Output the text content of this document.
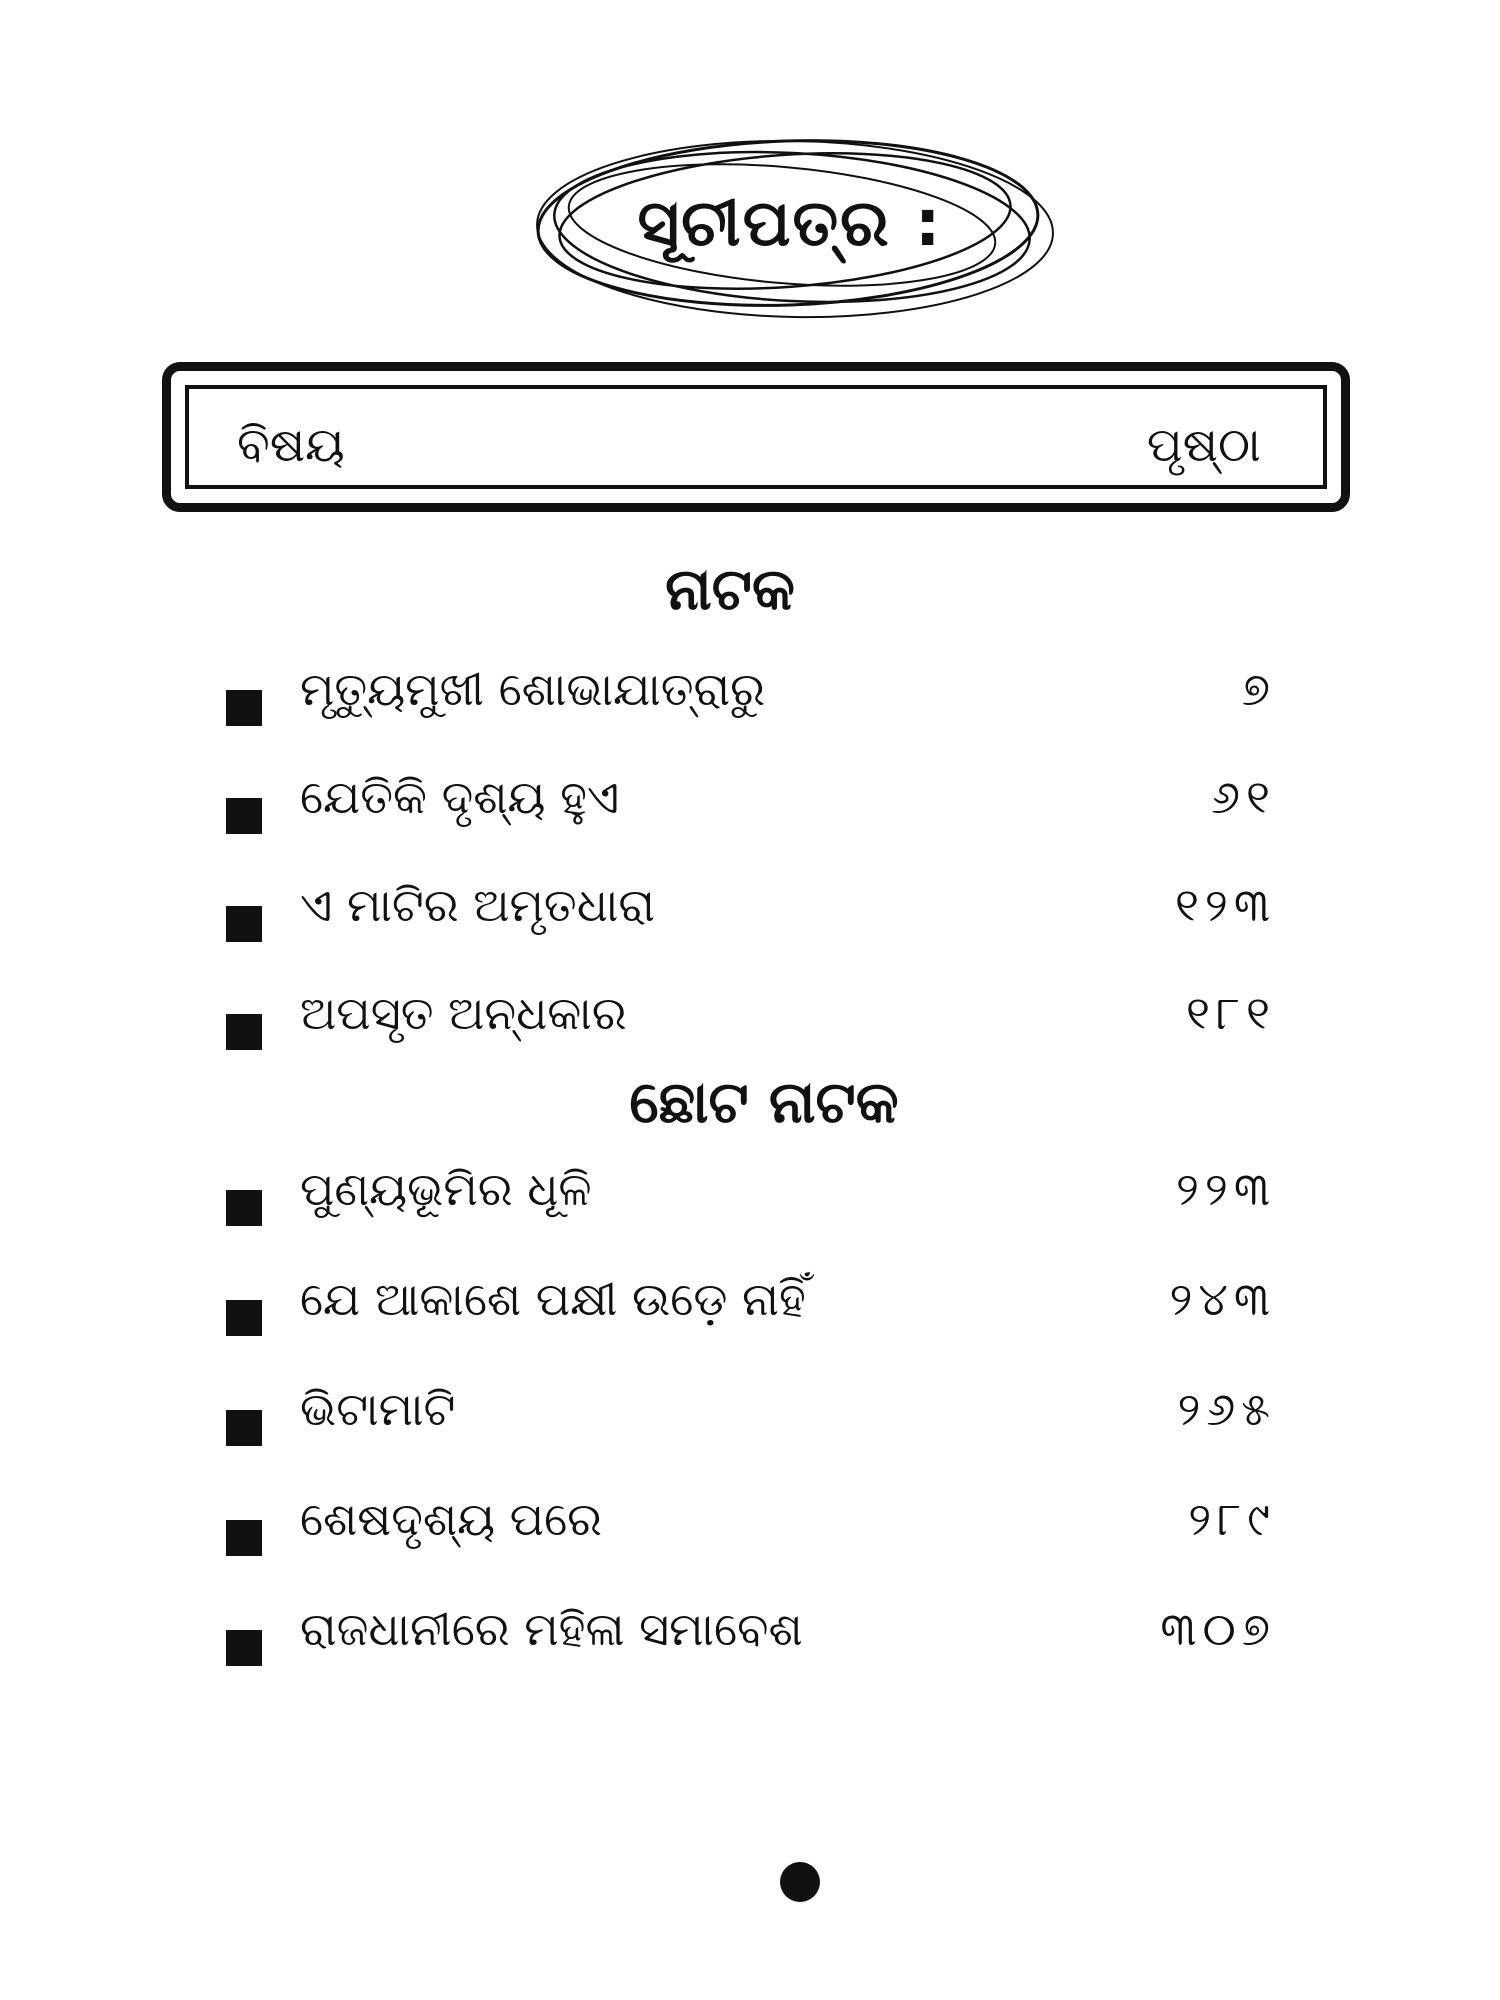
ସୂଚୀପତ୍ର :
ବିଷୟ	ପୃଷ୍ଠା
ନାଟକ
ମୃତ୍ୟୁମୁଖୀ ଶୋଭାଯାତ୍ରାରୁ	୭
ଯେତିକି ଦୃଶ୍ୟ ହୁଏ	୬୧
ଏ ମାଟିର ଅମୃତଧାରା	୧୨୩
ଅପସୃତ ଅନ୍ଧକାର	୧୮୧
ଛୋଟ ନାଟକ
ପୁଣ୍ୟଭୂମିର ଧୂଳି	୨୨୩
ଯେ ଆକାଶେ ପକ୍ଷୀ ଉଡ଼େ ନାହିଁ	୨୪୩
ଭିଟାମାଟି	୨୬୫
ଶେଷଦୃଶ୍ୟ ପରେ	୨୮୯
ରାଜଧାନୀରେ ମହିଳା ସମାବେଶ	୩୦୭
